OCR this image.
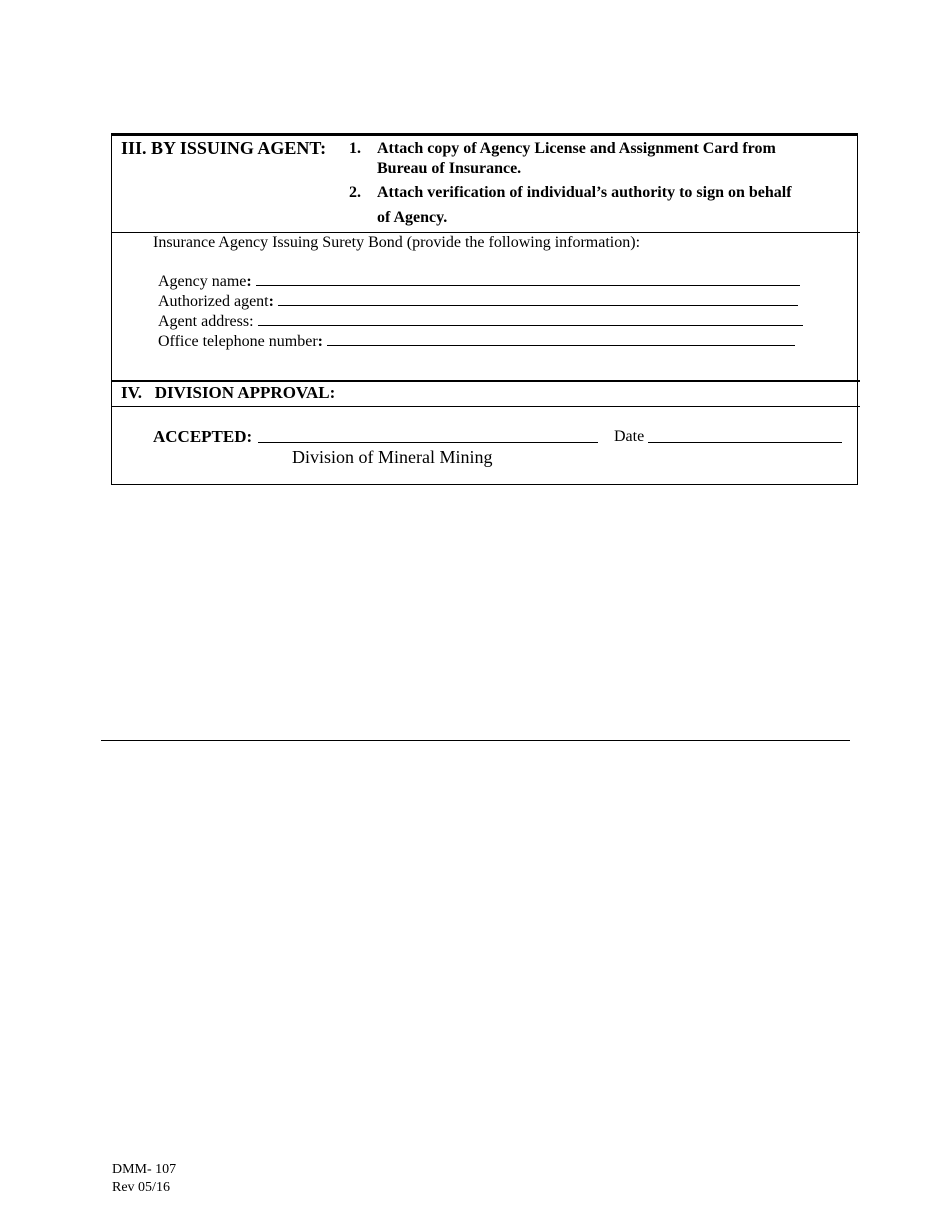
III. BY ISSUING AGENT: 1. Attach copy of Agency License and Assignment Card from
Bureau of Insurance.
2. Attach verification of individual’s authority to sign on behalf
of Agency.
Insurance Agency Issuing Surety Bond (provide the following information):
Agency name:
Authorized agent:
Agent address:
Office telephone number:
IV.   DIVISION APPROVAL:
ACCEPTED:	Date
Division of Mineral Mining
DMM- 107
Rev 05/16
